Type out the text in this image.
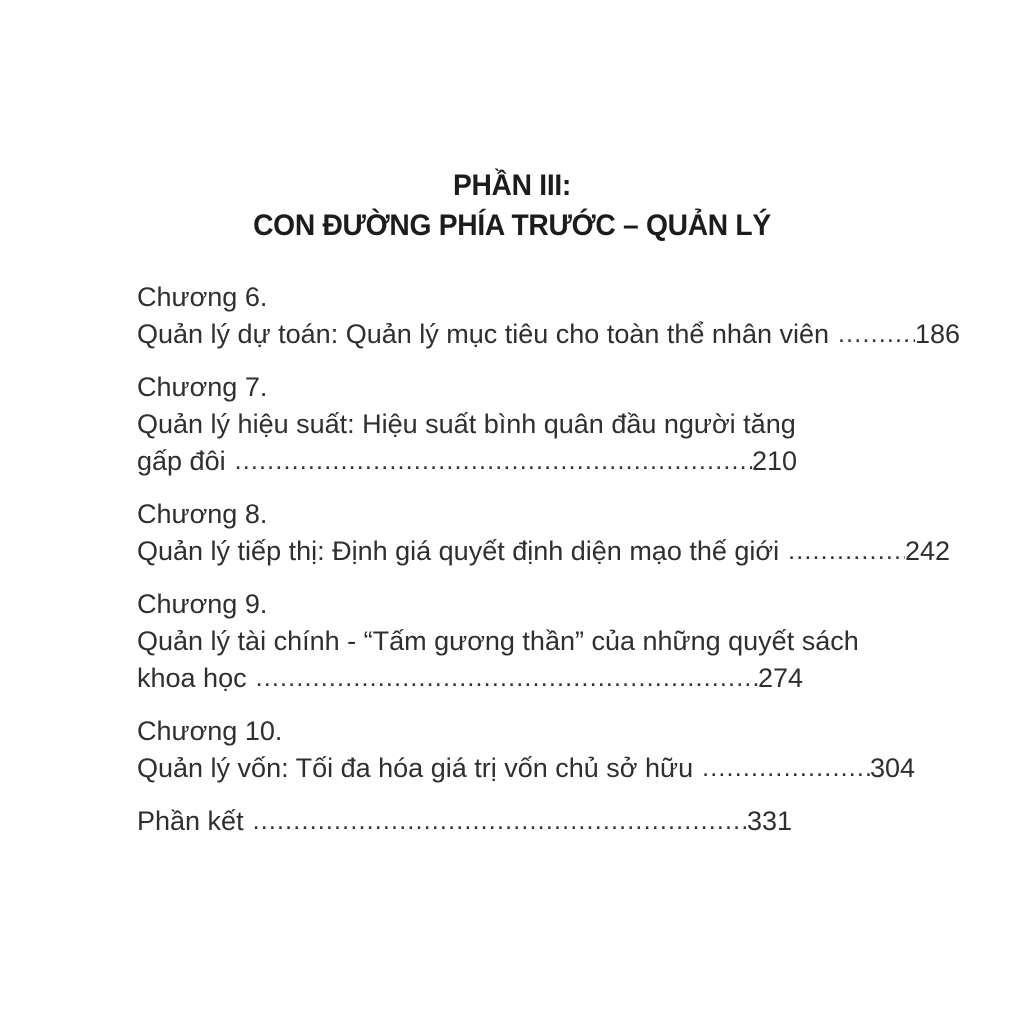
PHẦN III:
CON ĐƯỜNG PHÍA TRƯỚC – QUẢN LÝ
Chương 6.
Quản lý dự toán: Quản lý mục tiêu cho toàn thể nhân viên .....	186
Chương 7.
Quản lý hiệu suất: Hiệu suất bình quân đầu người tăng
gấp đôi .....	210
Chương 8.
Quản lý tiếp thị: Định giá quyết định diện mạo thế giới .....	242
Chương 9.
Quản lý tài chính - “Tấm gương thần” của những quyết sách
khoa học .....	274
Chương 10.
Quản lý vốn: Tối đa hóa giá trị vốn chủ sở hữu .....	304
Phần kết .....	331
